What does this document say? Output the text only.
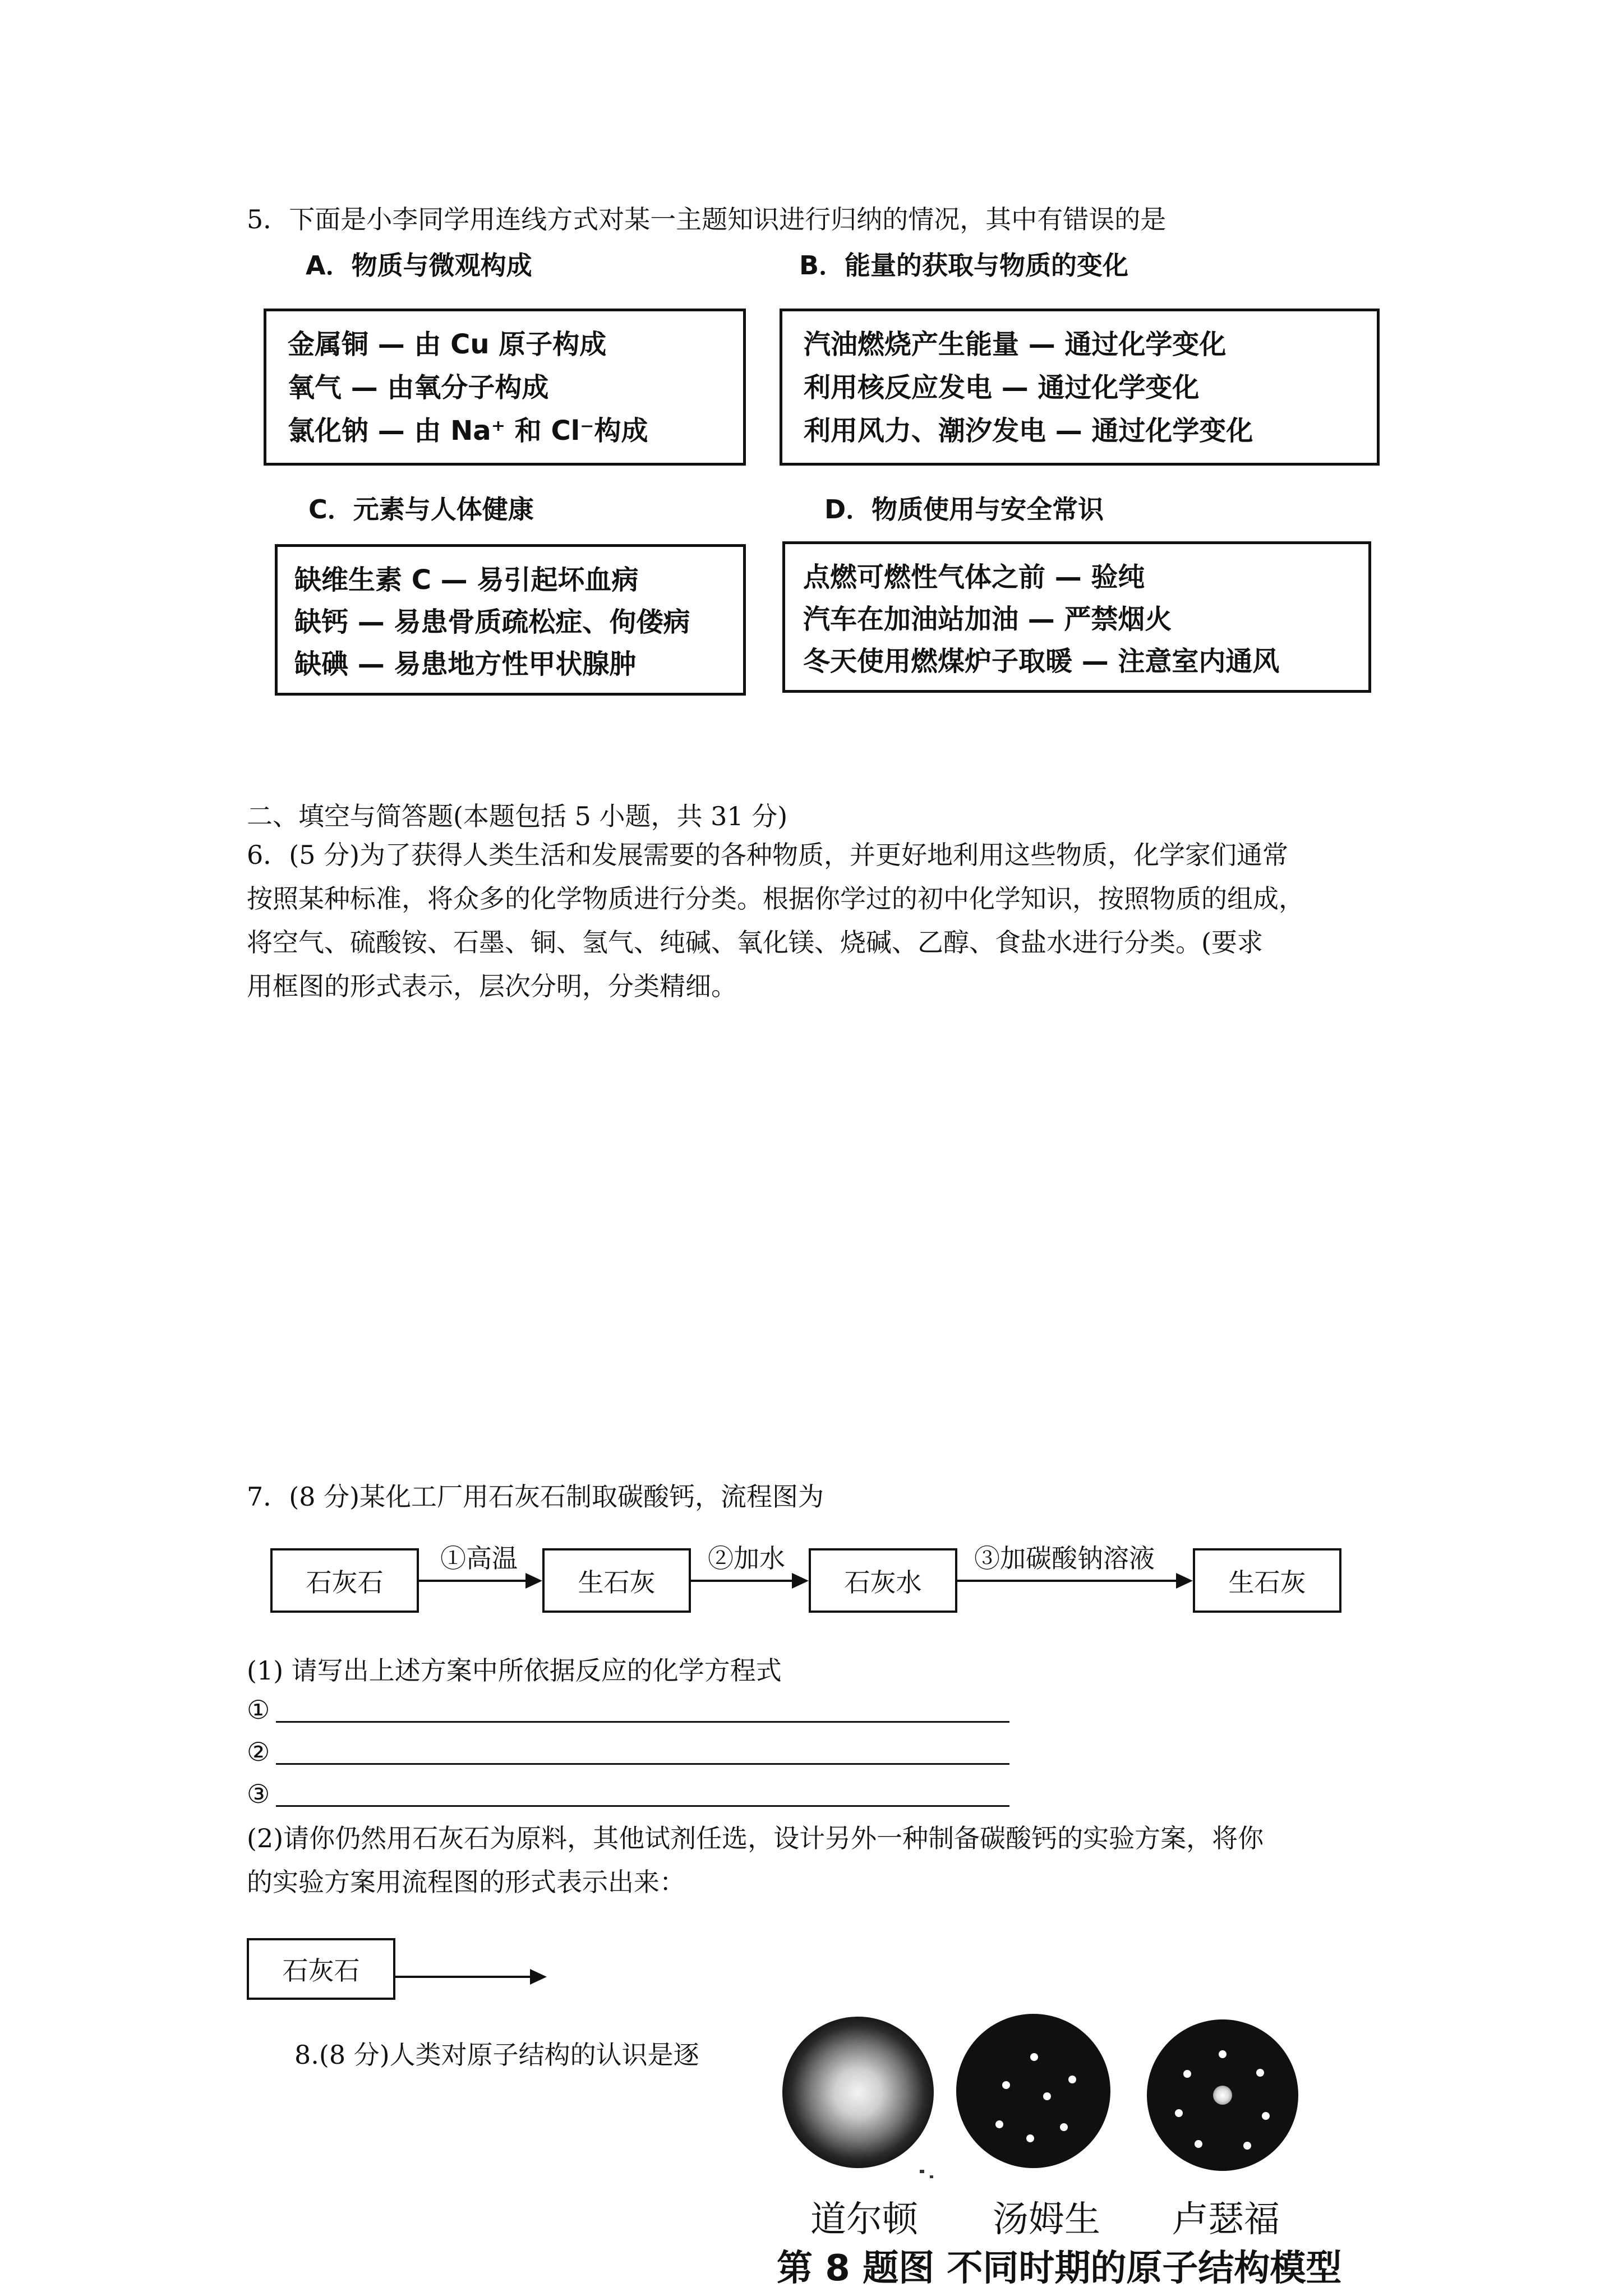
5．下面是小李同学用连线方式对某一主题知识进行归纳的情况，其中有错误的是
A．物质与微观构成	B．能量的获取与物质的变化
金属铜 — 由 Cu 原子构成
氧气 — 由氧分子构成
氯化钠 — 由 Na⁺ 和 Cl⁻构成
汽油燃烧产生能量 — 通过化学变化
利用核反应发电 — 通过化学变化
利用风力、潮汐发电 — 通过化学变化
C．元素与人体健康	D．物质使用与安全常识
缺维生素 C — 易引起坏血病
缺钙 — 易患骨质疏松症、佝偻病
缺碘 — 易患地方性甲状腺肿
点燃可燃性气体之前 — 验纯
汽车在加油站加油 — 严禁烟火
冬天使用燃煤炉子取暖 — 注意室内通风
二、填空与简答题(本题包括 5 小题，共 31 分)
6．(5 分)为了获得人类生活和发展需要的各种物质，并更好地利用这些物质，化学家们通常
按照某种标准，将众多的化学物质进行分类。根据你学过的初中化学知识，按照物质的组成，
将空气、硫酸铵、石墨、铜、氢气、纯碱、氧化镁、烧碱、乙醇、食盐水进行分类。(要求
用框图的形式表示，层次分明，分类精细。
7．(8 分)某化工厂用石灰石制取碳酸钙，流程图为
石灰石
①高温
生石灰
②加水
石灰水
③加碳酸钠溶液
生石灰
(1) 请写出上述方案中所依据反应的化学方程式
①
②
③
(2)请你仍然用石灰石为原料，其他试剂任选，设计另外一种制备碳酸钙的实验方案，将你
的实验方案用流程图的形式表示出来：
石灰石
8.(8 分)人类对原子结构的认识是逐
道尔顿 汤姆生 卢瑟福
第 8 题图 不同时期的原子结构模型
